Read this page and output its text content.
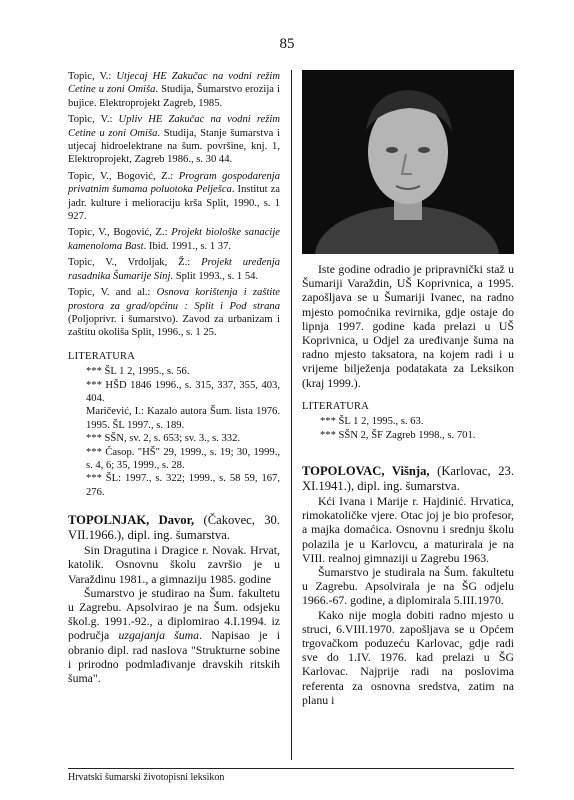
85

Topic, V.: Utjecaj HE Zakučac na vodni režim Cetine u zoni Omiša. Studija, Šumarstvo erozija i bujice. Elektroprojekt Zagreb, 1985.

Topic, V.: Upliv HE Zakučac na vodni režim Cetine u zoni Omiša. Studija, Stanje šumarstva i utjecaj hidroelektrane na šum. površine, knj. 1, Elektroprojekt, Zagreb 1986., s. 30 44.

Topic, V., Bogović, Z.: Program gospodarenja privatnim šumama poluotoka Pelješca. Institut za jadr. kulture i melioraciju krša Split, 1990., s. 1 927.

Topic, V., Bogović, Z.: Projekt biološke sanacije kamenoloma Bast. Ibid. 1991., s. 1 37.

Topic, V., Vrdoljak, Ž.: Projekt uređenja rasadnika Šumarije Sinj. Split 1993., s. 1 54.

Topic, V. and al.: Osnova korištenja i zaštite prostora za grad/općinu : Split i Pod strana (Poljoprivr. i šumarstvo). Zavod za urbanizam i zaštitu okoliša Split, 1996., s. 1 25.

LITERATURA

*** ŠL 1 2, 1995., s. 56.

*** HŠD 1846 1996., s. 315, 337, 355, 403, 404.

Maričević, I.: Kazalo autora Šum. lista 1976. 1995. ŠL 1997., s. 189.

*** SŠN, sv. 2, s. 653; sv. 3., s. 332.

*** Časop. "HŠ" 29, 1999., s. 19; 30, 1999., s. 4, 6; 35, 1999., s. 28.

*** ŠL: 1997., s. 322; 1999., s. 58 59, 167, 276.

TOPOLNJAK, Davor, (Čakovec, 30. VII.1966.), dipl. ing. šumarstva.

Sin Dragutina i Dragice r. Novak. Hrvat, katolik. Osnovnu školu završio je u Varaždinu 1981., a gimnaziju 1985. godine

Šumarstvo je studirao na Šum. fakultetu u Zagrebu. Apsolvirao je na Šum. odsjeku škol.g. 1991.-92., a diplomirao 4.I.1994. iz područja uzgajanja šuma. Napisao je i obranio dipl. rad naslova "Strukturne sobine i prirodno podmlađivanje dravskih ritskih šuma".

Iste godine odradio je pripravnički staž u Šumariji Varaždin, UŠ Koprivnica, a 1995. zapošljava se u Šumariji Ivanec, na radno mjesto pomoćnika revirnika, gdje ostaje do lipnja 1997. godine kada prelazi u UŠ Koprivnica, u Odjel za uređivanje šuma na radno mjesto taksatora, na kojem radi i u vrijeme bilježenja podatakata za Leksikon (kraj 1999.).

LITERATURA

*** ŠL 1 2, 1995., s. 63.

*** SŠN 2, ŠF Zagreb 1998., s. 701.

TOPOLOVAC, Višnja, (Karlovac, 23. XI.1941.), dipl. ing. šumarstva.

Kći Ivana i Marije r. Hajdinić. Hrvatica, rimokatoličke vjere. Otac joj je bio profesor, a majka domaćica. Osnovnu i srednju školu polazila je u Karlovcu, a maturirala je na VIII. realnoj gimnaziji u Zagrebu 1963.

Šumarstvo je studirala na Šum. fakultetu u Zagrebu. Apsolvirala je na ŠG odjelu 1966.-67. godine, a diplomirala 5.III.1970.

Kako nije mogla dobiti radno mjesto u struci, 6.VIII.1970. zapošljava se u Općem trgovačkom poduzeću Karlovac, gdje radi sve do 1.IV. 1976. kad prelazi u ŠG Karlovac. Najprije radi na poslovima referenta za osnovna sredstva, zatim na planu i

Hrvatski šumarski životopisni leksikon
